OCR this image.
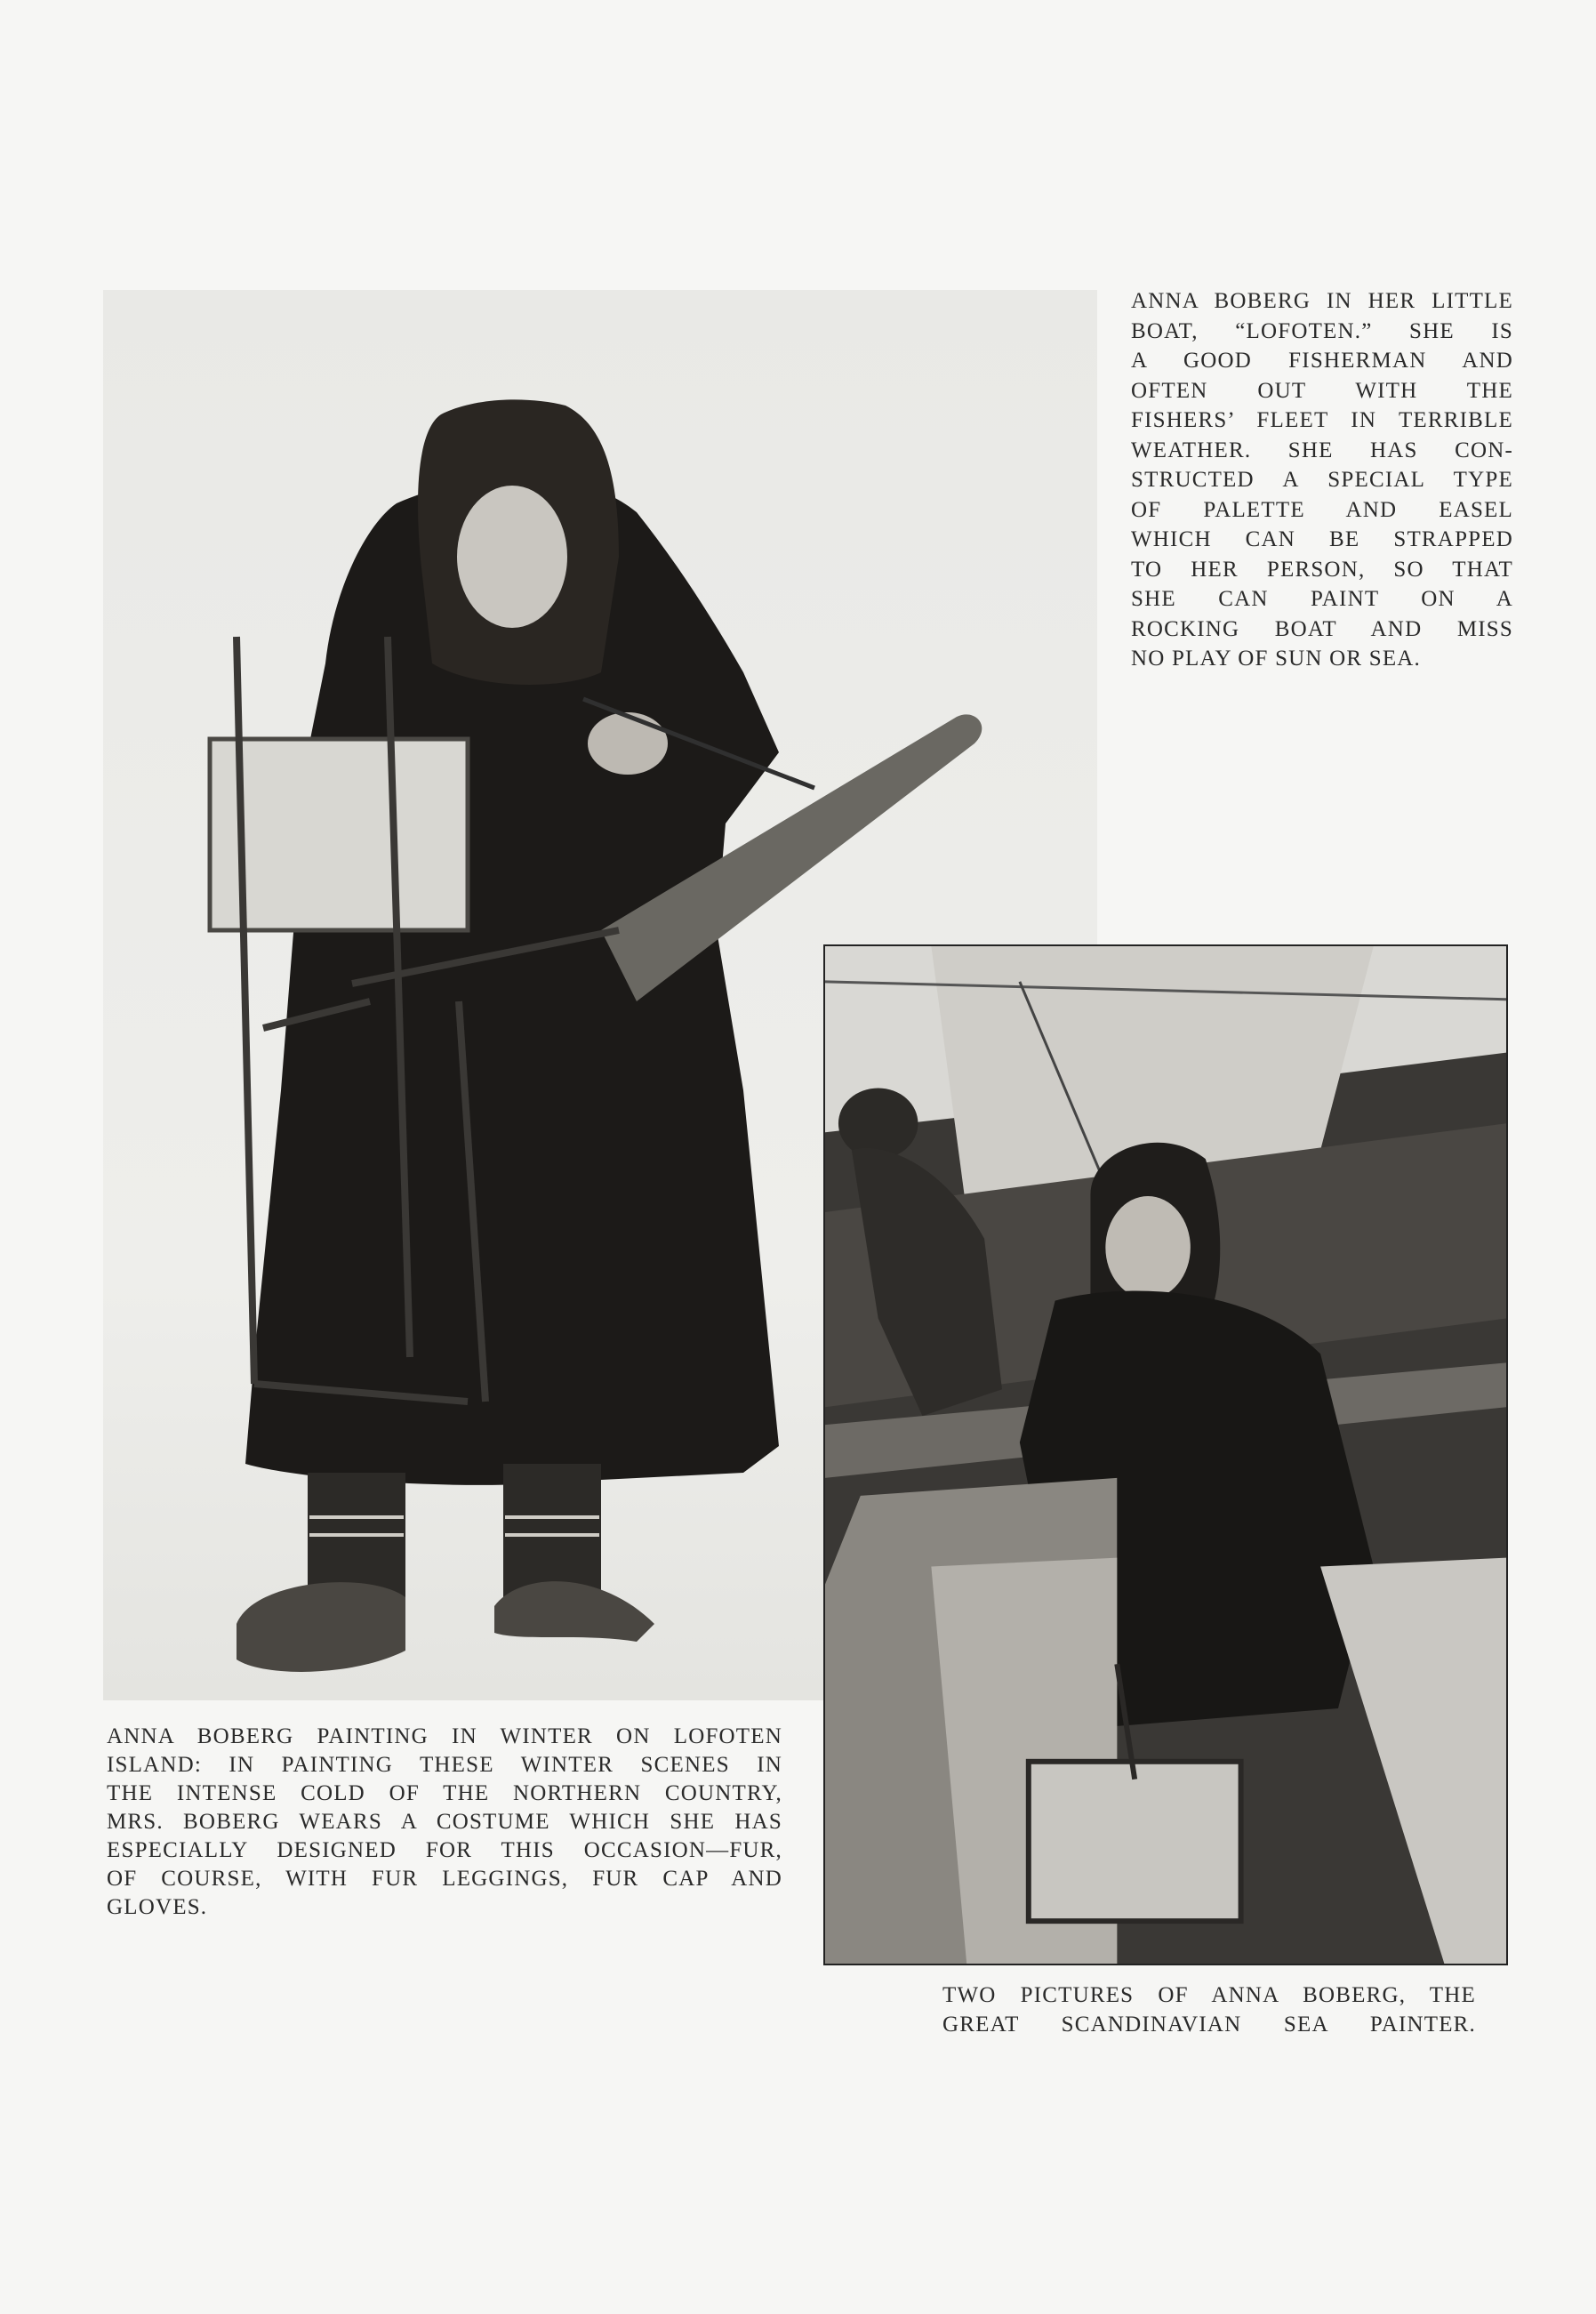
ANNA BOBERG IN HER LITTLE
BOAT, “LOFOTEN.” SHE IS
A GOOD FISHERMAN AND
OFTEN OUT WITH THE
FISHERS’ FLEET IN TERRIBLE
WEATHER. SHE HAS CON-
STRUCTED A SPECIAL TYPE
OF PALETTE AND EASEL
WHICH CAN BE STRAPPED
TO HER PERSON, SO THAT
SHE CAN PAINT ON A
ROCKING BOAT AND MISS
NO PLAY OF SUN OR SEA.

ANNA BOBERG PAINTING IN WINTER ON LOFOTEN
ISLAND: IN PAINTING THESE WINTER SCENES IN
THE INTENSE COLD OF THE NORTHERN COUNTRY,
MRS. BOBERG WEARS A COSTUME WHICH SHE HAS
ESPECIALLY DESIGNED FOR THIS OCCASION—FUR,
OF COURSE, WITH FUR LEGGINGS, FUR CAP AND
GLOVES.

TWO PICTURES OF ANNA BOBERG, THE
GREAT SCANDINAVIAN SEA PAINTER.
